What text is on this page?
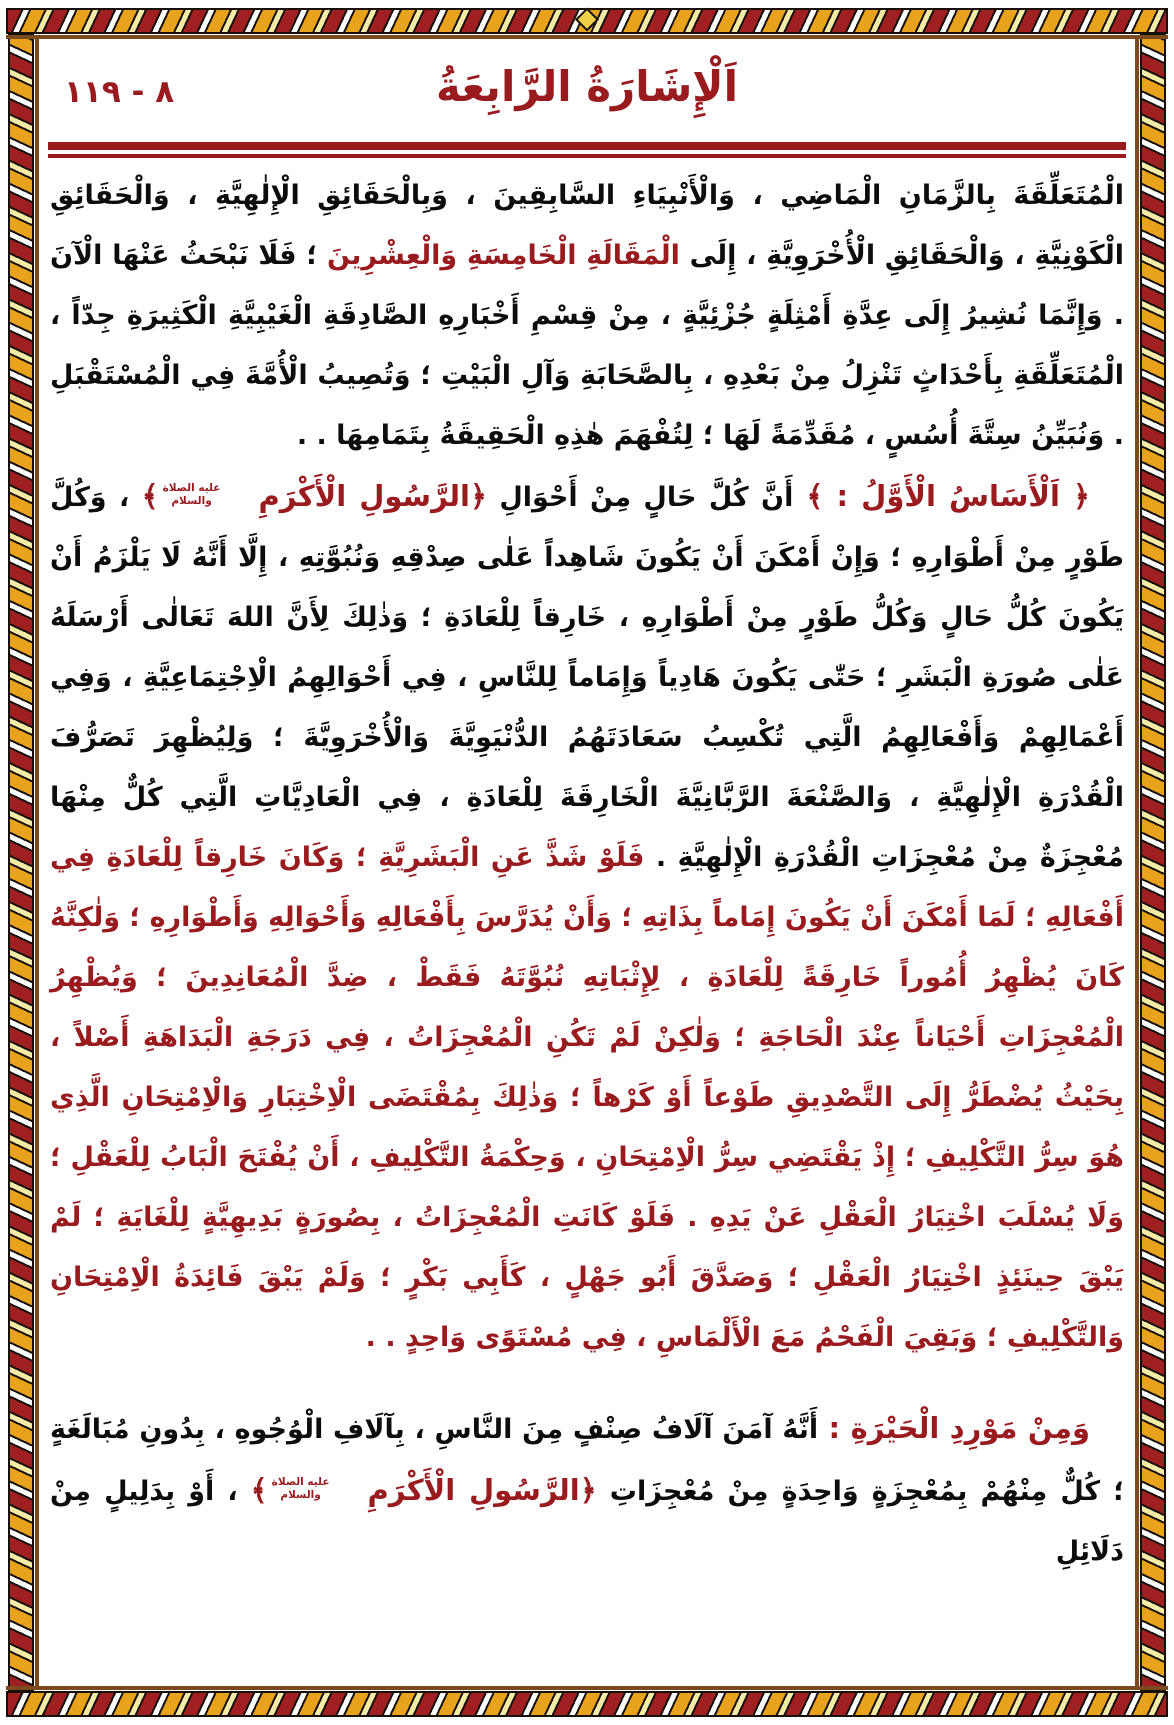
٨ - ١١٩	اَلْإِشَارَةُ الرَّابِعَةُ

الْمُتَعَلِّقَةَ بِالزَّمَانِ الْمَاضِي ، وَالْأَنْبِيَاءِ السَّابِقِينَ ، وَبِالْحَقَائِقِ الْإِلٰهِيَّةِ ، وَالْحَقَائِقِ الْكَوْنِيَّةِ ، وَالْحَقَائِقِ الْأُخْرَوِيَّةِ ، إِلَى الْمَقَالَةِ الْخَامِسَةِ وَالْعِشْرِينَ ؛ فَلَا نَبْحَثُ عَنْهَا الْآنَ . وَإِنَّمَا نُشِيرُ إِلَى عِدَّةِ أَمْثِلَةٍ جُزْئِيَّةٍ ، مِنْ قِسْمِ أَخْبَارِهِ الصَّادِقَةِ الْغَيْبِيَّةِ الْكَثِيرَةِ جِدّاً ، الْمُتَعَلِّقَةِ بِأَحْدَاثٍ تَنْزِلُ مِنْ بَعْدِهِ ، بِالصَّحَابَةِ وَآلِ الْبَيْتِ ؛ وَتُصِيبُ الْأُمَّةَ فِي الْمُسْتَقْبَلِ . وَنُبَيِّنُ سِتَّةَ أُسُسٍ ، مُقَدِّمَةً لَهَا ؛ لِتُفْهَمَ هٰذِهِ الْحَقِيقَةُ بِتَمَامِهَا . .

﴿ اَلْأَسَاسُ الْأَوَّلُ : ﴾ أَنَّ كُلَّ حَالٍ مِنْ أَحْوَالِ ﴿الرَّسُولِ الْأَكْرَمِ
عليه الصلاة
والسلام
﴾ ، وَكُلَّ طَوْرٍ مِنْ أَطْوَارِهِ ؛ وَإِنْ أَمْكَنَ أَنْ يَكُونَ شَاهِداً عَلٰى صِدْقِهِ وَنُبُوَّتِهِ ، إِلَّا أَنَّهُ لَا يَلْزَمُ أَنْ يَكُونَ كُلُّ حَالٍ وَكُلُّ طَوْرٍ مِنْ أَطْوَارِهِ ، خَارِقاً لِلْعَادَةِ ؛ وَذٰلِكَ لِأَنَّ اللهَ تَعَالٰى أَرْسَلَهُ عَلٰى صُورَةِ الْبَشَرِ ؛ حَتّٰى يَكُونَ هَادِياً وَإِمَاماً لِلنَّاسِ ، فِي أَحْوَالِهِمُ الْاِجْتِمَاعِيَّةِ ، وَفِي أَعْمَالِهِمْ وَأَفْعَالِهِمُ الَّتِي تُكْسِبُ سَعَادَتَهُمُ الدُّنْيَوِيَّةَ وَالْأُخْرَوِيَّةَ ؛ وَلِيُظْهِرَ تَصَرُّفَ الْقُدْرَةِ الْإِلٰهِيَّةِ ، وَالصَّنْعَةَ الرَّبَّانِيَّةَ الْخَارِقَةَ لِلْعَادَةِ ، فِي الْعَادِيَّاتِ الَّتِي كُلٌّ مِنْهَا مُعْجِزَةٌ مِنْ مُعْجِزَاتِ الْقُدْرَةِ الْإِلٰهِيَّةِ . فَلَوْ شَذَّ عَنِ الْبَشَرِيَّةِ ؛ وَكَانَ خَارِقاً لِلْعَادَةِ فِي أَفْعَالِهِ ؛ لَمَا أَمْكَنَ أَنْ يَكُونَ إِمَاماً بِذَاتِهِ ؛ وَأَنْ يُدَرَّسَ بِأَفْعَالِهِ وَأَحْوَالِهِ وَأَطْوَارِهِ ؛ وَلٰكِنَّهُ كَانَ يُظْهِرُ أُمُوراً خَارِقَةً لِلْعَادَةِ ، لِإِثْبَاتِهِ نُبُوَّتَهُ فَقَطْ ، ضِدَّ الْمُعَانِدِينَ ؛ وَيُظْهِرُ الْمُعْجِزَاتِ أَحْيَاناً عِنْدَ الْحَاجَةِ ؛ وَلٰكِنْ لَمْ تَكُنِ الْمُعْجِزَاتُ ، فِي دَرَجَةِ الْبَدَاهَةِ أَصْلاً ، بِحَيْثُ يُضْطَرُّ إِلَى التَّصْدِيقِ طَوْعاً أَوْ كَرْهاً ؛ وَذٰلِكَ بِمُقْتَضَى الْاِخْتِبَارِ وَالْاِمْتِحَانِ الَّذِي هُوَ سِرُّ التَّكْلِيفِ ؛ إِذْ يَقْتَضِي سِرُّ الْاِمْتِحَانِ ، وَحِكْمَةُ التَّكْلِيفِ ، أَنْ يُفْتَحَ الْبَابُ لِلْعَقْلِ ؛ وَلَا يُسْلَبَ اخْتِيَارُ الْعَقْلِ عَنْ يَدِهِ . فَلَوْ كَانَتِ الْمُعْجِزَاتُ ، بِصُورَةٍ بَدِيهِيَّةٍ لِلْغَايَةِ ؛ لَمْ يَبْقَ حِينَئِذٍ اخْتِيَارُ الْعَقْلِ ؛ وَصَدَّقَ أَبُو جَهْلٍ ، كَأَبِي بَكْرٍ ؛ وَلَمْ يَبْقَ فَائِدَةُ الْاِمْتِحَانِ وَالتَّكْلِيفِ ؛ وَبَقِيَ الْفَحْمُ مَعَ الْأَلْمَاسِ ، فِي مُسْتَوًى وَاحِدٍ . .

وَمِنْ مَوْرِدِ الْحَيْرَةِ : أَنَّهُ آمَنَ آلَافُ صِنْفٍ مِنَ النَّاسِ ، بِآلَافِ الْوُجُوهِ ، بِدُونِ مُبَالَغَةٍ ؛ كُلٌّ مِنْهُمْ بِمُعْجِزَةٍ وَاحِدَةٍ مِنْ مُعْجِزَاتِ ﴿الرَّسُولِ الْأَكْرَمِ
عليه الصلاة
والسلام
﴾ ، أَوْ بِدَلِيلٍ مِنْ دَلَائِلِ
